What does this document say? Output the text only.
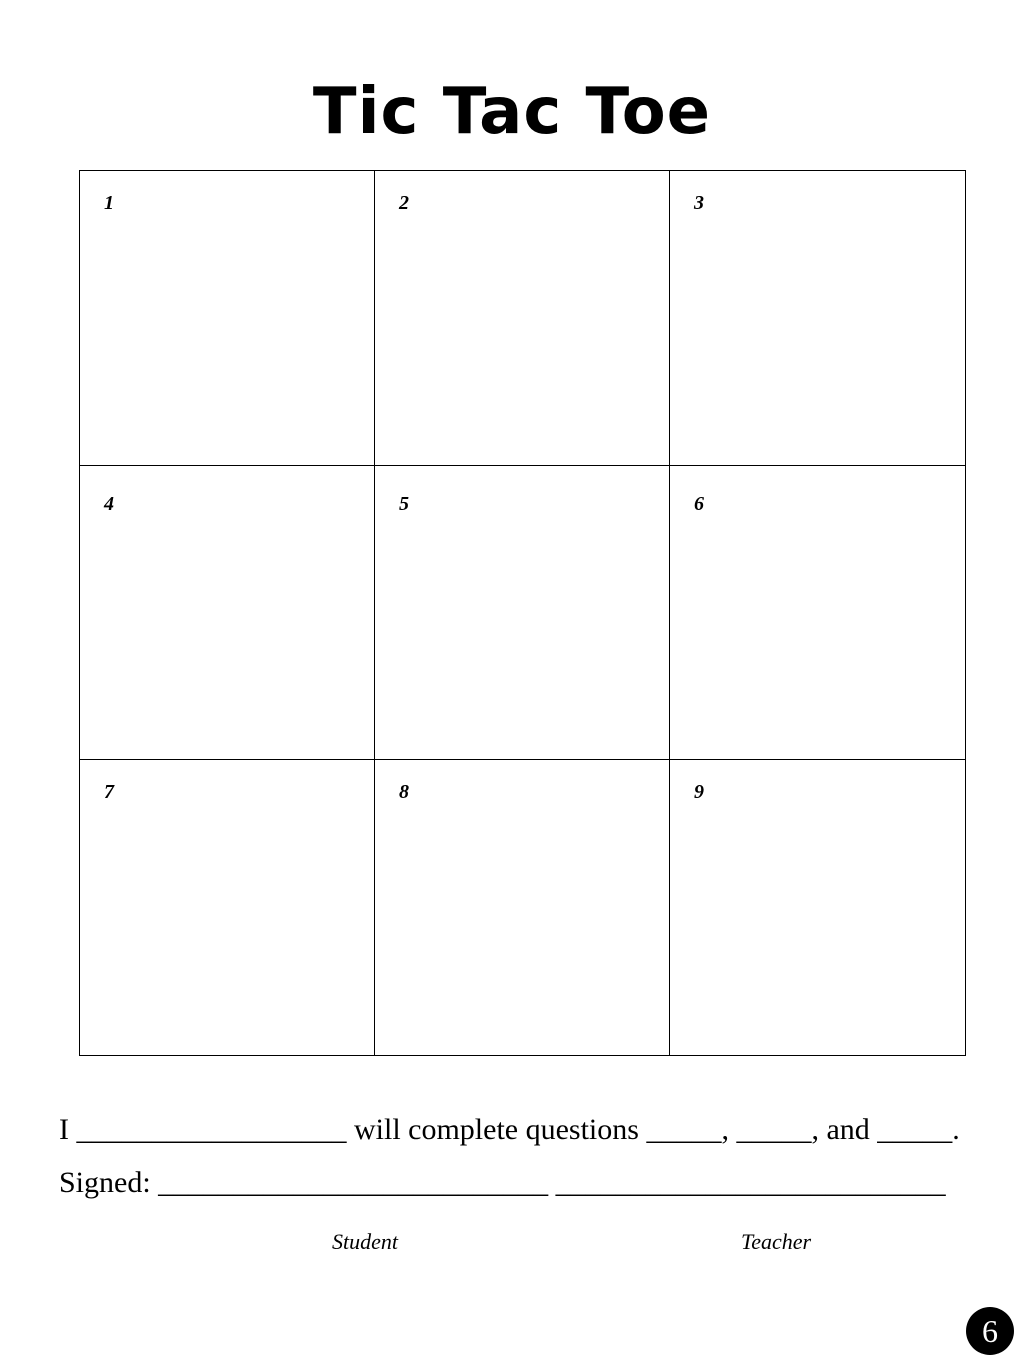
Tic Tac Toe
1	2	3
4	5	6
7	8	9
I __________________ will complete questions _____, _____, and _____.
Signed: __________________________ __________________________
Student	Teacher
6
